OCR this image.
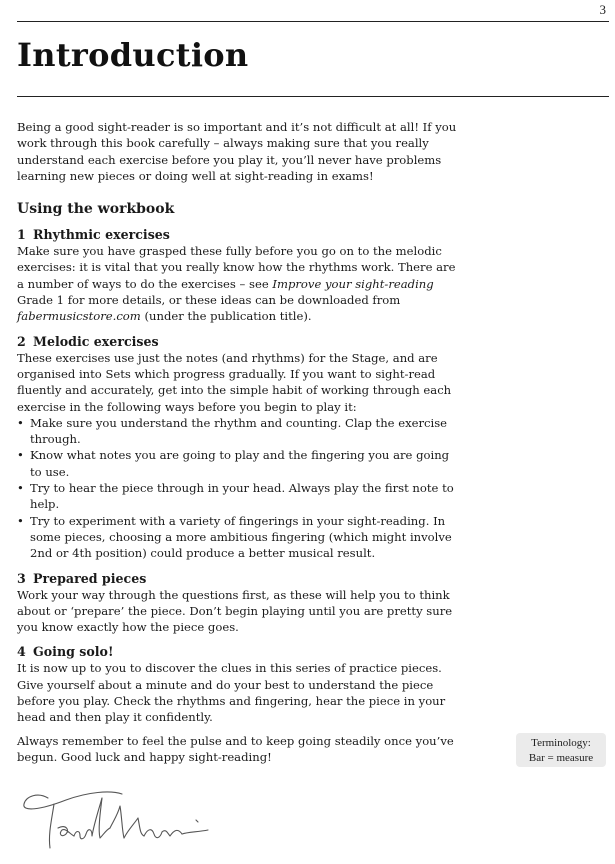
3
Introduction

Being a good sight-reader is so important and it’s not difficult at all! If you work through this book carefully – always making sure that you really understand each exercise before you play it, you’ll never have problems learning new pieces or doing well at sight-reading in exams!

Using the workbook
1 Rhythmic exercises

Make sure you have grasped these fully before you go on to the melodic exercises: it is vital that you really know how the rhythms work. There are a number of ways to do the exercises – see Improve your sight-reading Grade 1 for more details, or these ideas can be downloaded from fabermusicstore.com (under the publication title).

2 Melodic exercises

These exercises use just the notes (and rhythms) for the Stage, and are organised into Sets which progress gradually. If you want to sight-read fluently and accurately, get into the simple habit of working through each exercise in the following ways before you begin to play it:

• Make sure you understand the rhythm and counting. Clap the exercise through.
• Know what notes you are going to play and the fingering you are going to use.
• Try to hear the piece through in your head. Always play the first note to help.
• Try to experiment with a variety of fingerings in your sight-reading. In some pieces, choosing a more ambitious fingering (which might involve 2nd or 4th position) could produce a better musical result.
3 Prepared pieces

Work your way through the questions first, as these will help you to think about or ‘prepare’ the piece. Don’t begin playing until you are pretty sure you know exactly how the piece goes.

4 Going solo!

It is now up to you to discover the clues in this series of practice pieces. Give yourself about a minute and do your best to understand the piece before you play. Check the rhythms and fingering, hear the piece in your head and then play it confidently.

Always remember to feel the pulse and to keep going steadily once you’ve begun. Good luck and happy sight-reading!

Terminology:
Bar = measure
